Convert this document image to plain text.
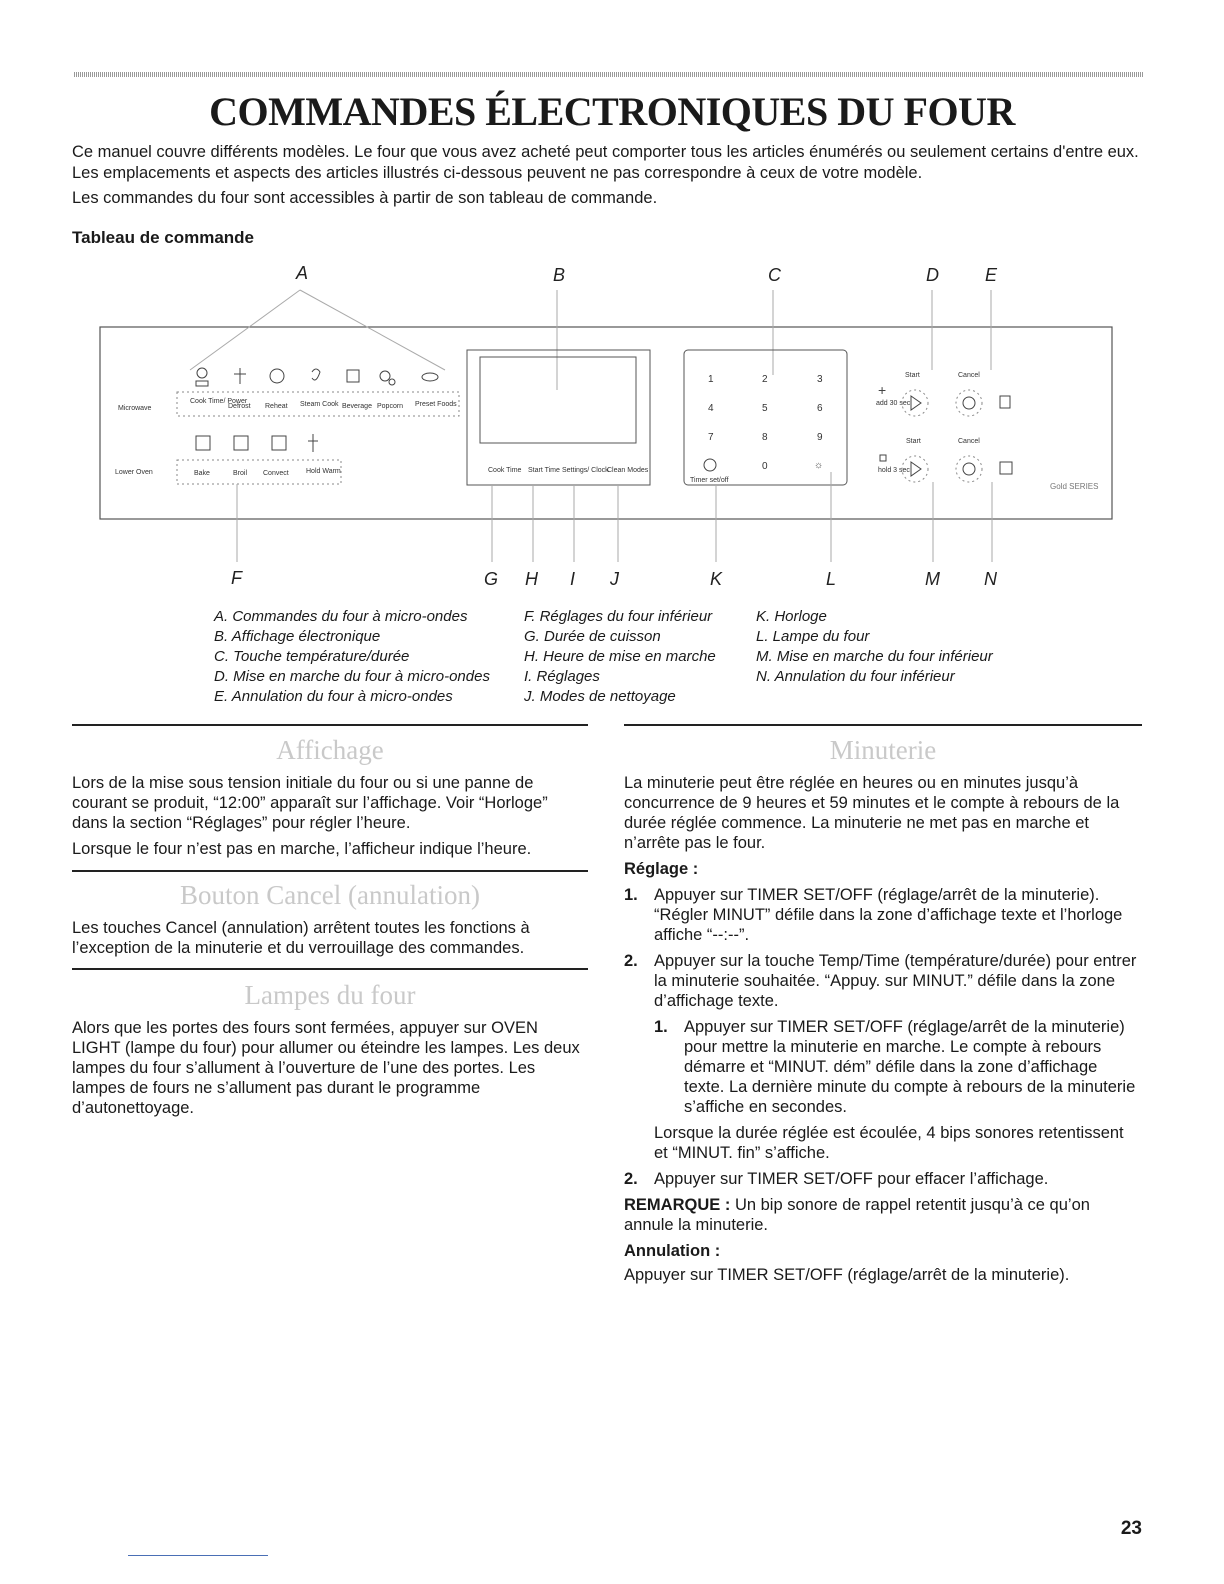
COMMANDES ÉLECTRONIQUES DU FOUR

Ce manuel couvre différents modèles. Le four que vous avez acheté peut comporter tous les articles énumérés ou seulement certains d'entre eux. Les emplacements et aspects des articles illustrés ci-dessous peuvent ne pas correspondre à ceux de votre modèle.

Les commandes du four sont accessibles à partir de son tableau de commande.

Tableau de commande

A	B	C	D	E
Microwave
Cook Time/ Power
Defrost Reheat Steam Cook Beverage Popcorn Preset Foods
Lower Oven	Bake	Broil Convect Hold Warm	Cook Time Start Time Settings/ Clock
Clean Modes
1	2	3
4	5	6
7	8	9
0
Timer set/off
☼
Start	Cancel
+
add 30 sec
Start	Cancel
hold 3 sec
Gold SERIES
F	G H I J	K	L	M N
A. Commandes du four à micro-ondes
B. Affichage électronique
C. Touche température/durée
D. Mise en marche du four à micro-ondes
E. Annulation du four à micro-ondes
F. Réglages du four inférieur
G. Durée de cuisson
H. Heure de mise en marche
I. Réglages
J. Modes de nettoyage
K. Horloge
L. Lampe du four
M. Mise en marche du four inférieur
N. Annulation du four inférieur
Affichage

Lors de la mise sous tension initiale du four ou si une panne de courant se produit, “12:00” apparaît sur l’affichage. Voir “Horloge” dans la section “Réglages” pour régler l’heure.

Lorsque le four n’est pas en marche, l’afficheur indique l’heure.

Bouton Cancel (annulation)

Les touches Cancel (annulation) arrêtent toutes les fonctions à l’exception de la minuterie et du verrouillage des commandes.

Lampes du four

Alors que les portes des fours sont fermées, appuyer sur OVEN LIGHT (lampe du four) pour allumer ou éteindre les lampes. Les deux lampes du four s’allument à l’ouverture de l’une des portes. Les lampes de fours ne s’allument pas durant le programme d’autonettoyage.

Minuterie

La minuterie peut être réglée en heures ou en minutes jusqu’à concurrence de 9 heures et 59 minutes et le compte à rebours de la durée réglée commence. La minuterie ne met pas en marche et n’arrête pas le four.

Réglage :

1. Appuyer sur TIMER SET/OFF (réglage/arrêt de la minuterie). “Régler MINUT” défile dans la zone d’affichage texte et l’horloge affiche “--:--”.
2. Appuyer sur la touche Temp/Time (température/durée) pour entrer la minuterie souhaitée. “Appuy. sur MINUT.” défile dans la zone d’affichage texte.
1. Appuyer sur TIMER SET/OFF (réglage/arrêt de la minuterie) pour mettre la minuterie en marche. Le compte à rebours démarre et “MINUT. dém” défile dans la zone d’affichage texte. La dernière minute du compte à rebours de la minuterie s’affiche en secondes.

Lorsque la durée réglée est écoulée, 4 bips sonores retentissent et “MINUT. fin” s’affiche.

2. Appuyer sur TIMER SET/OFF pour effacer l’affichage.

REMARQUE : Un bip sonore de rappel retentit jusqu’à ce qu’on annule la minuterie.

Annulation :

Appuyer sur TIMER SET/OFF (réglage/arrêt de la minuterie).

23
